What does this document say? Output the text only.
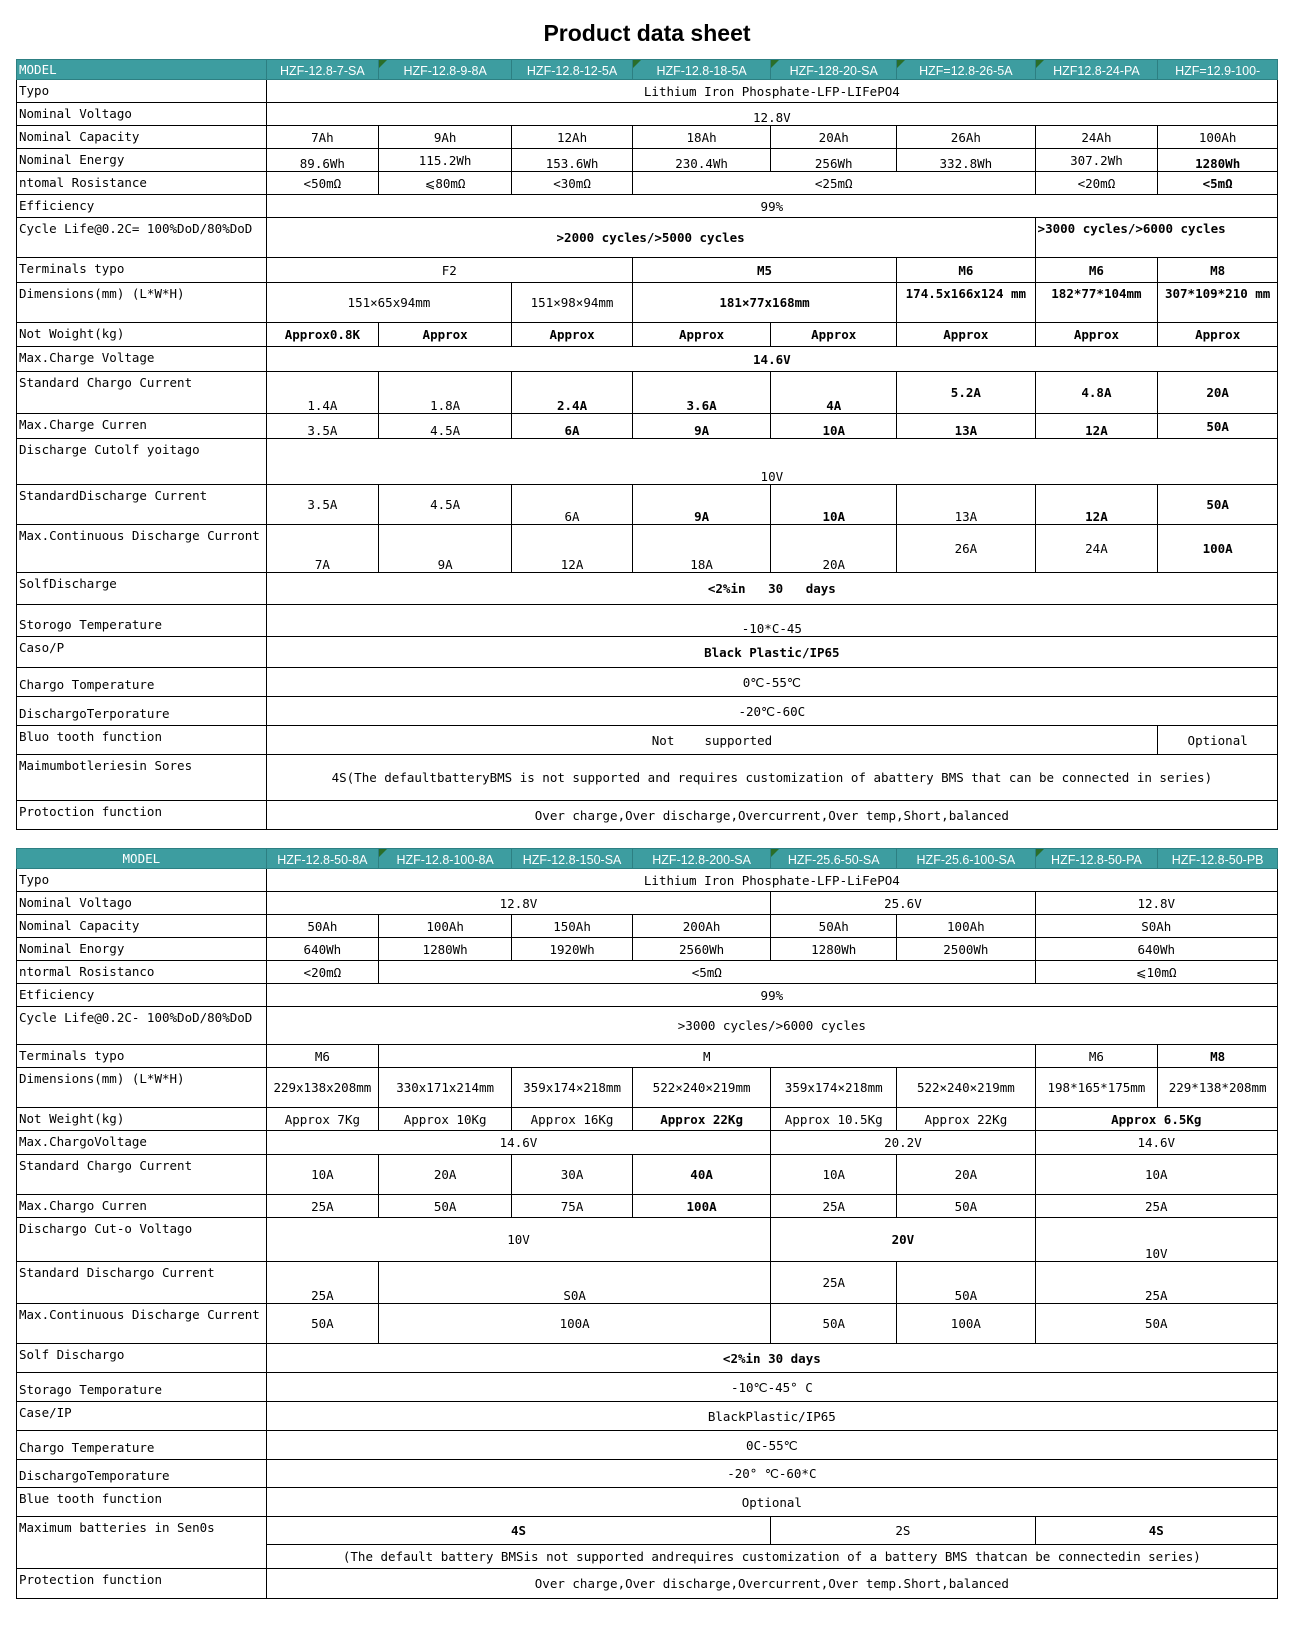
Product data sheet
MODEL	HZF-12.8-7-SA	HZF-12.8-9-8A	HZF-12.8-12-5A	HZF-12.8-18-5A	HZF-128-20-SA	HZF=12.8-26-5A	HZF12.8-24-PA	HZF=12.9-100-
Typo	Lithium Iron Phosphate-LFP-LIFePO4							
Nominal Voltago	12.8V							
Nominal Capacity	7Ah	9Ah	12Ah	18Ah	20Ah	26Ah	24Ah	100Ah
Nominal Energy	89.6Wh	115.2Wh	153.6Wh	230.4Wh	256Wh	332.8Wh	307.2Wh	1280Wh
ntomal Rosistance	<50mΩ	⩽80mΩ	<30mΩ	<25mΩ			<20mΩ	<5mΩ
Efficiency	99%							
Cycle Life@0.2C= 100%DoD/80%DoD	>2000 cycles/>5000 cycles						>3000 cycles/>6000 cycles	
Terminals typo	F2			M5		M6	M6	M8
Dimensions(mm) (L*W*H)	151×65x94mm		151×98×94mm	181×77x168mm		174.5x166x124 mm	182*77*104mm	307*109*210 mm
Not Woight(kg)	Approx0.8K	Approx	Approx	Approx	Approx	Approx	Approx	Approx
Max.Charge Voltage	14.6V							
Standard Chargo Current	1.4A	1.8A	2.4A	3.6A	4A	5.2A	4.8A	20A
Max.Charge Curren	3.5A	4.5A	6A	9A	10A	13A	12A	50A
Discharge Cutolf yoitago	10V							
StandardDischarge Current	3.5A	4.5A	6A	9A	10A	13A	12A	50A
Max.Continuous Discharge Curront	7A	9A	12A	18A	20A	26A	24A	100A
SolfDischarge	<2%in   30   days							
Storogo Temperature	-10*C-45							
Caso/P	Black Plastic/IP65							
Chargo Tomperature	0℃-55℃							
DischargoTerporature	-20℃-60C							
Bluo tooth function	Not    supported							Optional
Maimumbotleriesin Sores	4S(The defaultbatteryBMS is not supported and requires customization of abattery BMS that can be connected in series)							
Protoction function	Over charge,Over discharge,Overcurrent,Over temp,Short,balanced							
MODEL	HZF-12.8-50-8A	HZF-12.8-100-8A	HZF-12.8-150-SA	HZF-12.8-200-SA	HZF-25.6-50-SA	HZF-25.6-100-SA	HZF-12.8-50-PA	HZF-12.8-50-PB
Typo	Lithium Iron Phosphate-LFP-LiFePO4							
Nominal Voltago	12.8V				25.6V		12.8V	
Nominal Capacity	50Ah	100Ah	150Ah	200Ah	50Ah	100Ah	S0Ah	
Nominal Enorgy	640Wh	1280Wh	1920Wh	2560Wh	1280Wh	2500Wh	640Wh	
ntormal Rosistanco	<20mΩ	<5mΩ					⩽10mΩ	
Etficiency	99%							
Cycle Life@0.2C- 100%DoD/80%DoD	>3000 cycles/>6000 cycles							
Terminals typo	M6	M					M6	M8
Dimensions(mm) (L*W*H)	229x138x208mm	330x171x214mm	359x174×218mm	522×240×219mm	359x174×218mm	522×240×219mm	198*165*175mm	229*138*208mm
Not Weight(kg)	Approx 7Kg	Approx 10Kg	Approx 16Kg	Approx 22Kg	Approx 10.5Kg	Approx 22Kg	Approx 6.5Kg	
Max.ChargoVoltage	14.6V				20.2V		14.6V	
Standard Chargo Current	10A	20A	30A	40A	10A	20A	10A	
Max.Chargo Curren	25A	50A	75A	100A	25A	50A	25A	
Dischargo Cut-o Voltago	10V				20V		10V	
Standard Dischargo Current	25A	S0A			25A	50A	25A	
Max.Continuous Discharge Current	50A	100A			50A	100A	50A	
Solf Dischargo	<2%in 30 days							
Storago Temporature	-10℃-45° C							
Case/IP	BlackPlastic/IP65							
Chargo Temperature	0C-55℃							
DischargoTemporature	-20° ℃-60*C							
Blue tooth function	Optional							
Maximum batteries in Sen0s	4S				2S		4S	
	(The default battery BMSis not supported andrequires customization of a battery BMS thatcan be connectedin series)							
Protection function	Over charge,Over discharge,Overcurrent,Over temp.Short,balanced							
